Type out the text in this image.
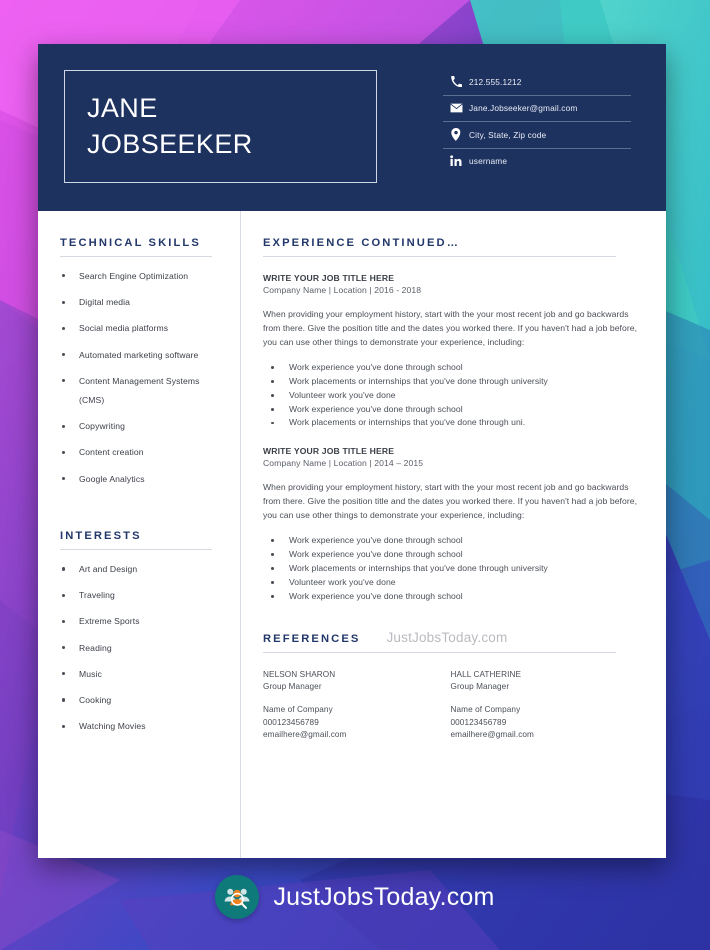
JANE
JOBSEEKER
212.555.1212
Jane.Jobseeker@gmail.com
City, State, Zip code
username
TECHNICAL SKILLS
Search Engine Optimization
Digital media
Social media platforms
Automated marketing software
Content Management Systems
(CMS)
Copywriting
Content creation
Google Analytics
INTERESTS
Art and Design
Traveling
Extreme Sports
Reading
Music
Cooking
Watching Movies
EXPERIENCE CONTINUED…

WRITE YOUR JOB TITLE HERE

Company Name | Location | 2016 - 2018

When providing your employment history, start with the your most recent job and go backwards from there. Give the position title and the dates you worked there. If you haven't had a job before, you can use other things to demonstrate your experience, including:

Work experience you've done through school
Work placements or internships that you've done through university
Volunteer work you've done
Work experience you've done through school
Work placements or internships that you've done through uni.

WRITE YOUR JOB TITLE HERE

Company Name | Location | 2014 – 2015

When providing your employment history, start with the your most recent job and go backwards from there. Give the position title and the dates you worked there. If you haven't had a job before, you can use other things to demonstrate your experience, including:

Work experience you've done through school
Work experience you've done through school
Work placements or internships that you've done through university
Volunteer work you've done
Work experience you've done through school
REFERENCES JustJobsToday.com
NELSON SHARON
Group Manager
Name of Company
000123456789
emailhere@gmail.com
HALL CATHERINE
Group Manager
Name of Company
000123456789
emailhere@gmail.com
JustJobsToday.com
